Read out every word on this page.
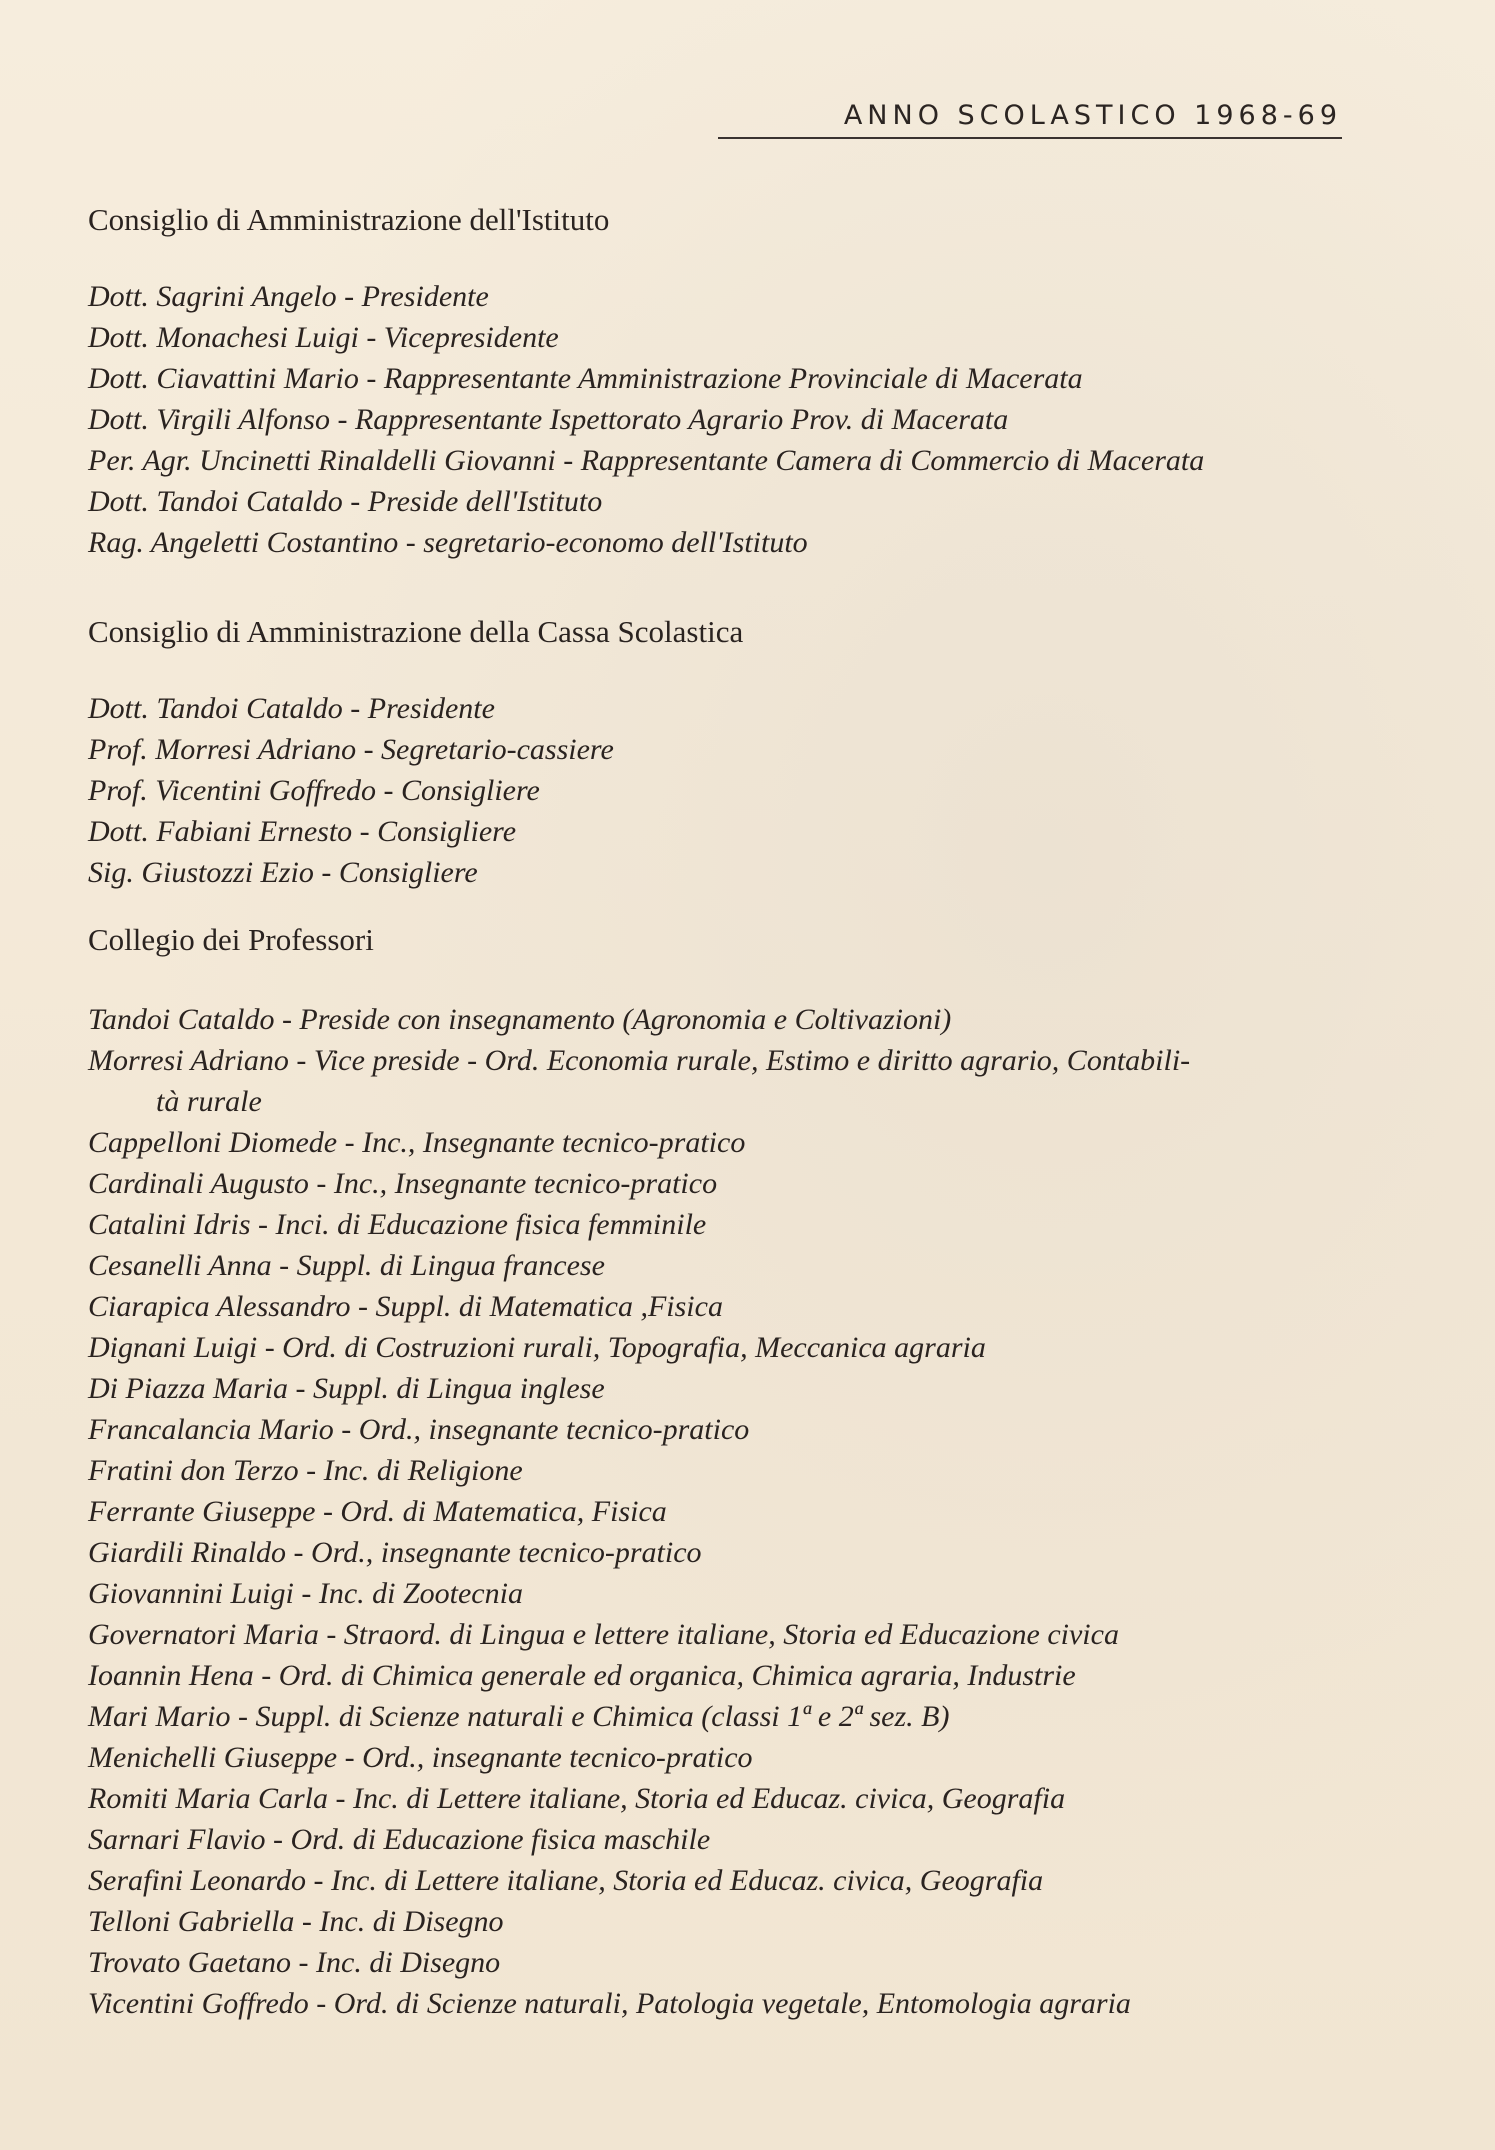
ANNO SCOLASTICO 1968-69
Consiglio di Amministrazione dell'Istituto
Dott. Sagrini Angelo - Presidente
Dott. Monachesi Luigi - Vicepresidente
Dott. Ciavattini Mario - Rappresentante Amministrazione Provinciale di Macerata
Dott. Virgili Alfonso - Rappresentante Ispettorato Agrario Prov. di Macerata
Per. Agr. Uncinetti Rinaldelli Giovanni - Rappresentante Camera di Commercio di Macerata
Dott. Tandoi Cataldo - Preside dell'Istituto
Rag. Angeletti Costantino - segretario-economo dell'Istituto
Consiglio di Amministrazione della Cassa Scolastica
Dott. Tandoi Cataldo - Presidente
Prof. Morresi Adriano - Segretario-cassiere
Prof. Vicentini Goffredo - Consigliere
Dott. Fabiani Ernesto - Consigliere
Sig. Giustozzi Ezio - Consigliere
Collegio dei Professori
Tandoi Cataldo - Preside con insegnamento (Agronomia e Coltivazioni)
Morresi Adriano - Vice preside - Ord. Economia rurale, Estimo e diritto agrario, Contabili-
tà rurale
Cappelloni Diomede - Inc., Insegnante tecnico-pratico
Cardinali Augusto - Inc., Insegnante tecnico-pratico
Catalini Idris - Inci. di Educazione fisica femminile
Cesanelli Anna - Suppl. di Lingua francese
Ciarapica Alessandro - Suppl. di Matematica ,Fisica
Dignani Luigi - Ord. di Costruzioni rurali, Topografia, Meccanica agraria
Di Piazza Maria - Suppl. di Lingua inglese
Francalancia Mario - Ord., insegnante tecnico-pratico
Fratini don Terzo - Inc. di Religione
Ferrante Giuseppe - Ord. di Matematica, Fisica
Giardili Rinaldo - Ord., insegnante tecnico-pratico
Giovannini Luigi - Inc. di Zootecnia
Governatori Maria - Straord. di Lingua e lettere italiane, Storia ed Educazione civica
Ioannin Hena - Ord. di Chimica generale ed organica, Chimica agraria, Industrie
Mari Mario - Suppl. di Scienze naturali e Chimica (classi 1ª e 2ª sez. B)
Menichelli Giuseppe - Ord., insegnante tecnico-pratico
Romiti Maria Carla - Inc. di Lettere italiane, Storia ed Educaz. civica, Geografia
Sarnari Flavio - Ord. di Educazione fisica maschile
Serafini Leonardo - Inc. di Lettere italiane, Storia ed Educaz. civica, Geografia
Telloni Gabriella - Inc. di Disegno
Trovato Gaetano - Inc. di Disegno
Vicentini Goffredo - Ord. di Scienze naturali, Patologia vegetale, Entomologia agraria
